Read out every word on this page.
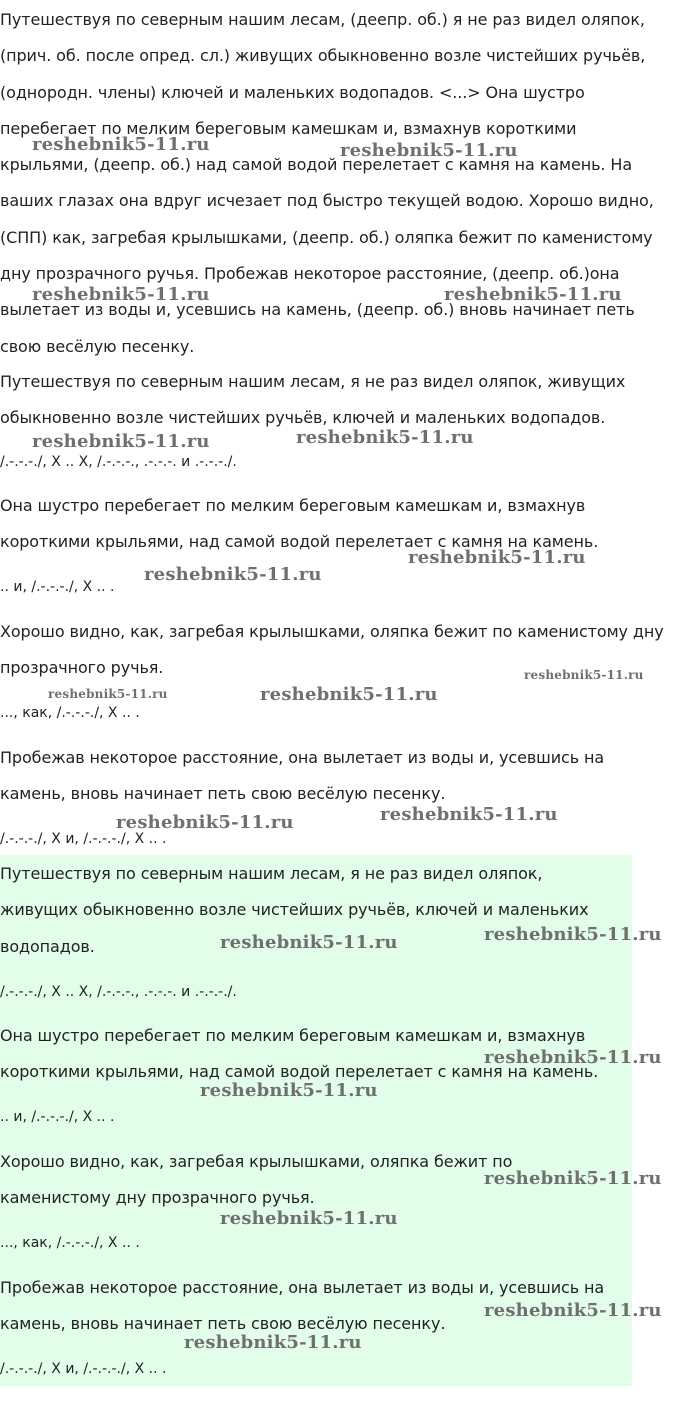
Путешествуя по северным нашим лесам, (деепр. об.) я не раз видел оляпок, (прич. об. после опред. сл.) живущих обыкновенно возле чистейших ручьёв, (однородн. члены) ключей и маленьких водопадов. <...> Она шустро перебегает по мелким береговым камешкам и, взмахнув короткими крыльями, (деепр. об.) над самой водой перелетает с камня на камень. На ваших глазах она вдруг исчезает под быстро текущей водою. Хорошо видно, (СПП) как, загребая крылышками, (деепр. об.) оляпка бежит по каменистому дну прозрачного ручья. Пробежав некоторое расстояние, (деепр. об.)она вылетает из воды и, усевшись на камень, (деепр. об.) вновь начинает петь свою весёлую песенку.

Путешествуя по северным нашим лесам, я не раз видел оляпок, живущих обыкновенно возле чистейших ручьёв, ключей и маленьких водопадов.

/.-.-.-./, X .. X, /.-.-.-., .-.-.-. и .-.-.-./.

Она шустро перебегает по мелким береговым камешкам и, взмахнув короткими крыльями, над самой водой перелетает с камня на камень.

.. и, /.-.-.-./, X .. .

Хорошо видно, как, загребая крылышками, оляпка бежит по каменистому дну прозрачного ручья.

..., как, /.-.-.-./, X .. .

Пробежав некоторое расстояние, она вылетает из воды и, усевшись на камень, вновь начинает петь свою весёлую песенку.

/.-.-.-./, X и, /.-.-.-./, X .. .

Путешествуя по северным нашим лесам, я не раз видел оляпок, живущих обыкновенно возле чистейших ручьёв, ключей и маленьких водопадов.

/.-.-.-./, X .. X, /.-.-.-., .-.-.-. и .-.-.-./.

Она шустро перебегает по мелким береговым камешкам и, взмахнув короткими крыльями, над самой водой перелетает с камня на камень.

.. и, /.-.-.-./, X .. .

Хорошо видно, как, загребая крылышками, оляпка бежит по каменистому дну прозрачного ручья.

..., как, /.-.-.-./, X .. .

Пробежав некоторое расстояние, она вылетает из воды и, усевшись на камень, вновь начинает петь свою весёлую песенку.

/.-.-.-./, X и, /.-.-.-./, X .. .

reshebnik5-11.ru	reshebnik5-11.ru
reshebnik5-11.ru	reshebnik5-11.ru
reshebnik5-11.ru	reshebnik5-11.ru
reshebnik5-11.ru
reshebnik5-11.ru
reshebnik5-11.ru
reshebnik5-11.ru	reshebnik5-11.ru
reshebnik5-11.ru
reshebnik5-11.ru
reshebnik5-11.ru
reshebnik5-11.ru
reshebnik5-11.ru
reshebnik5-11.ru
reshebnik5-11.ru
reshebnik5-11.ru
reshebnik5-11.ru
reshebnik5-11.ru
